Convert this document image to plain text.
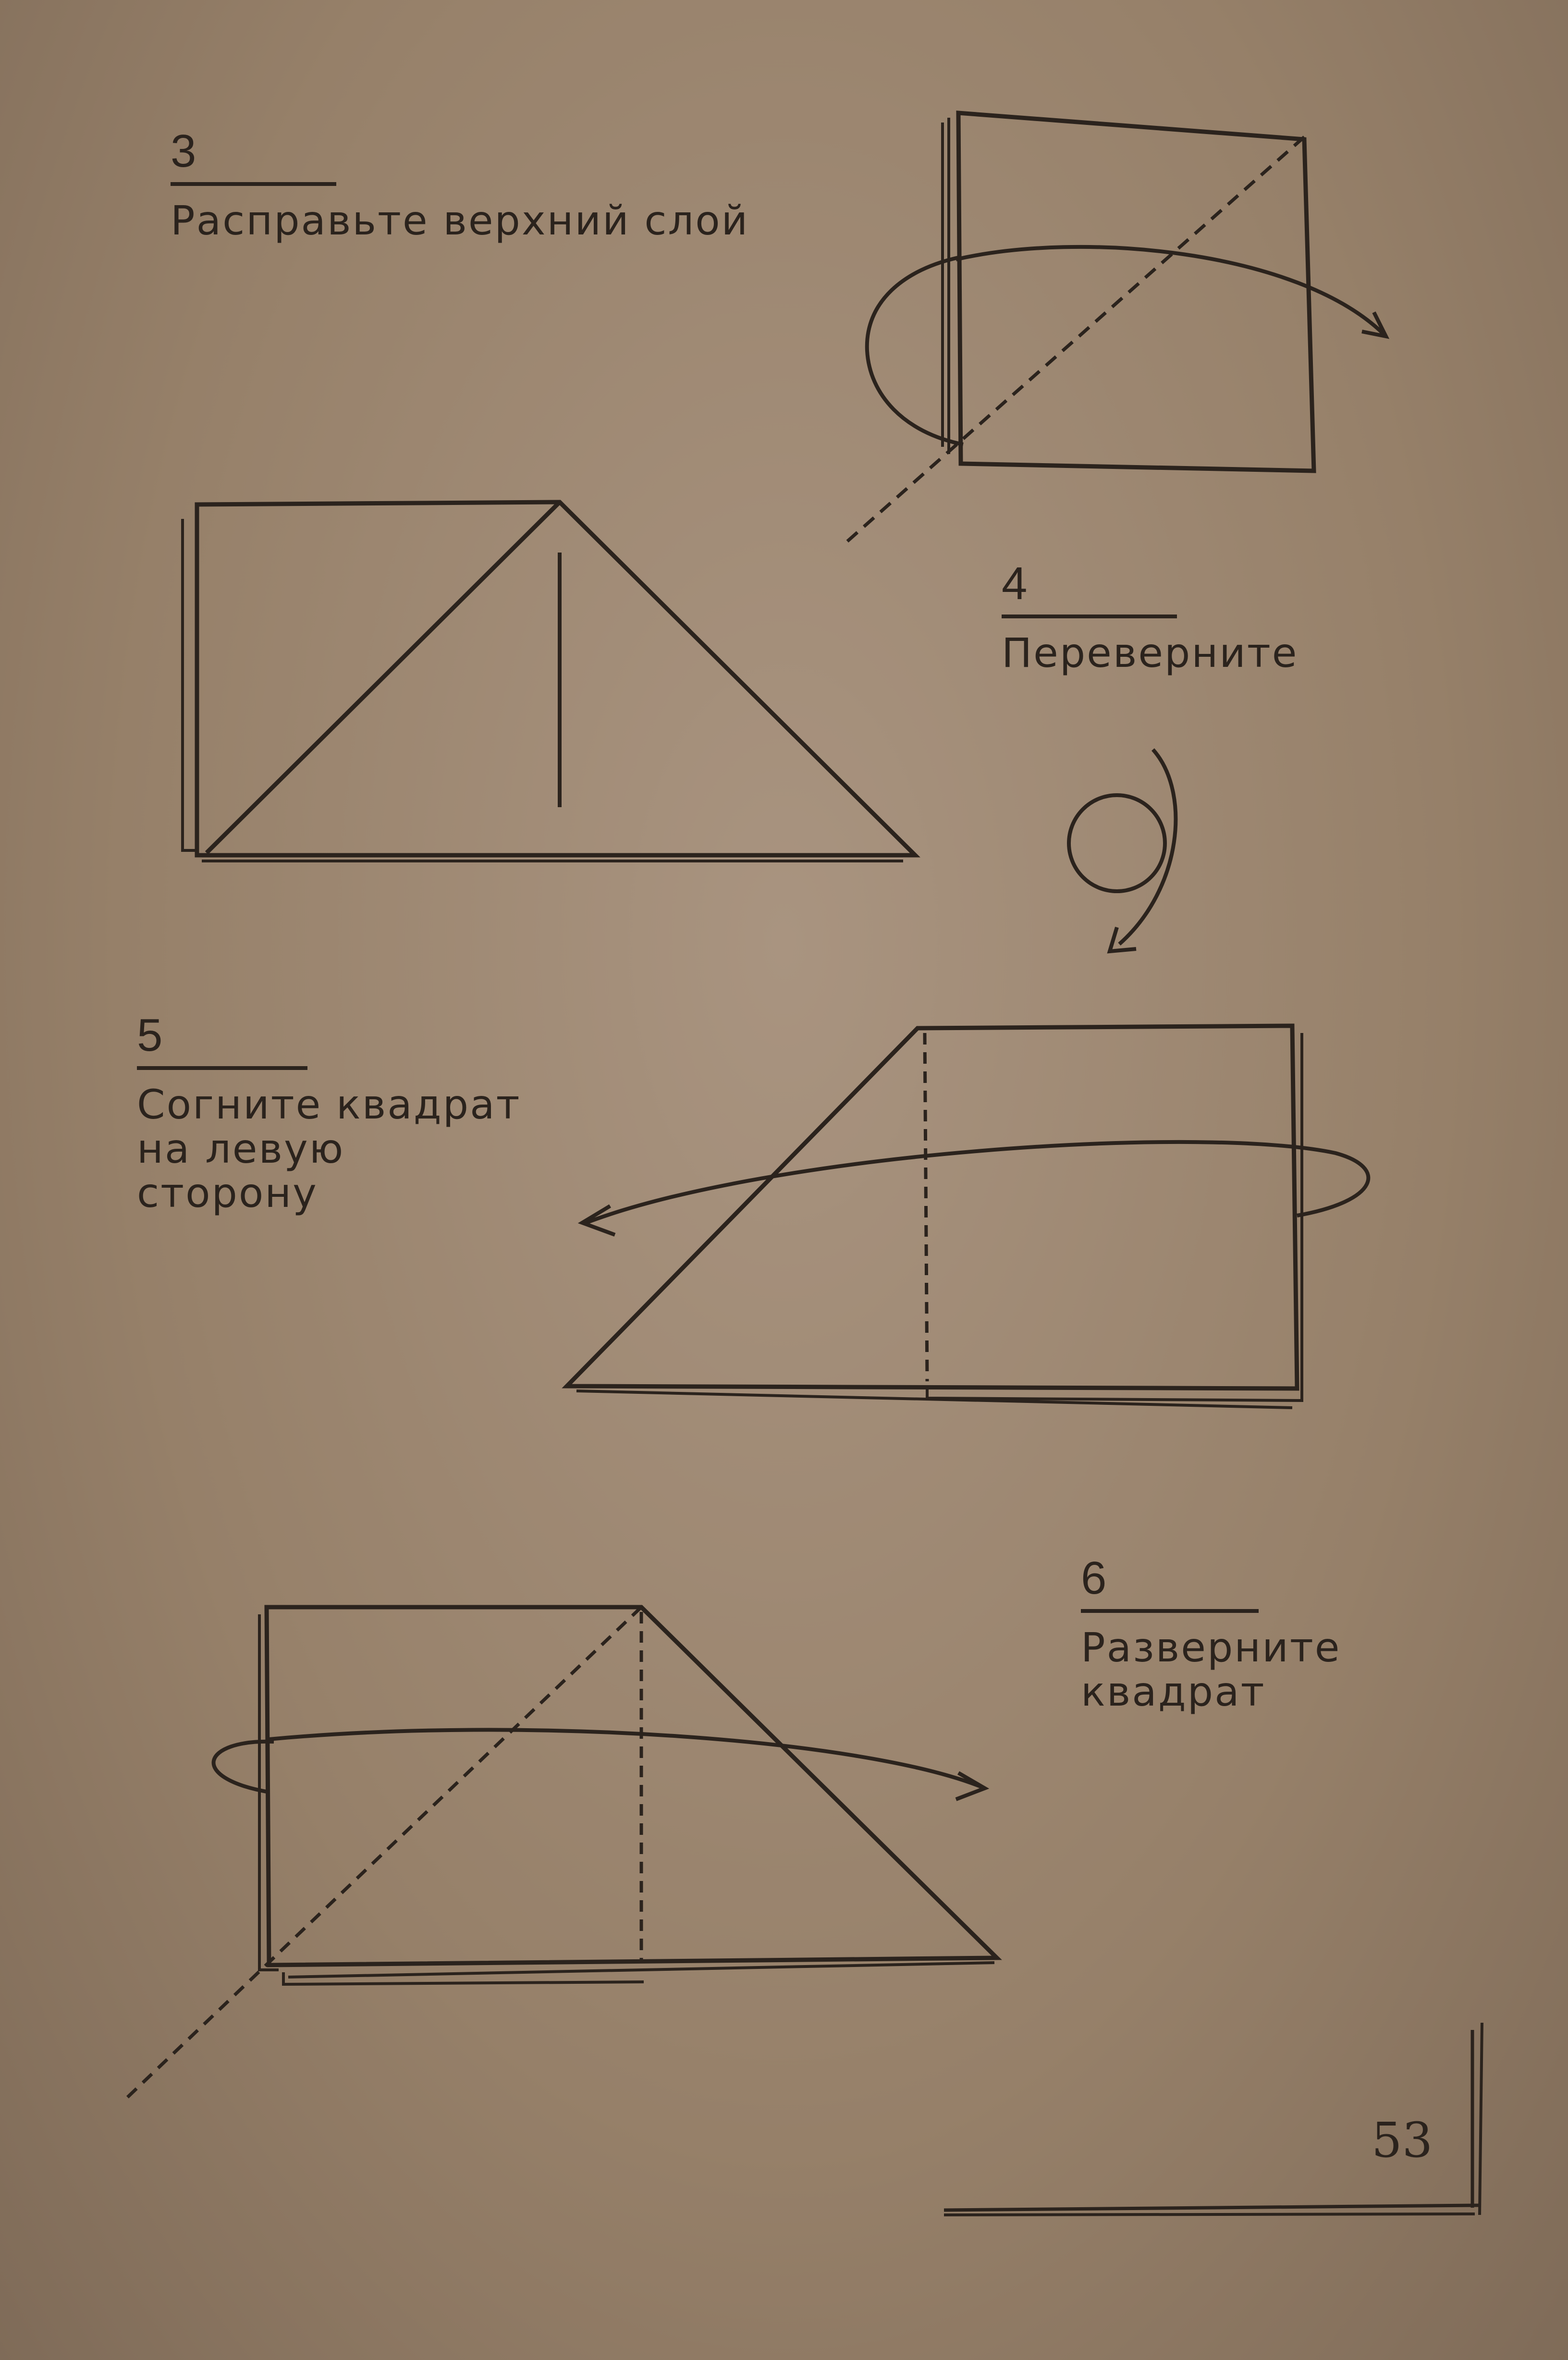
3
Расправьте верхний слой
4
Переверните
5
Согните квадрат
на левую
сторону
6
Разверните
квадрат
53
